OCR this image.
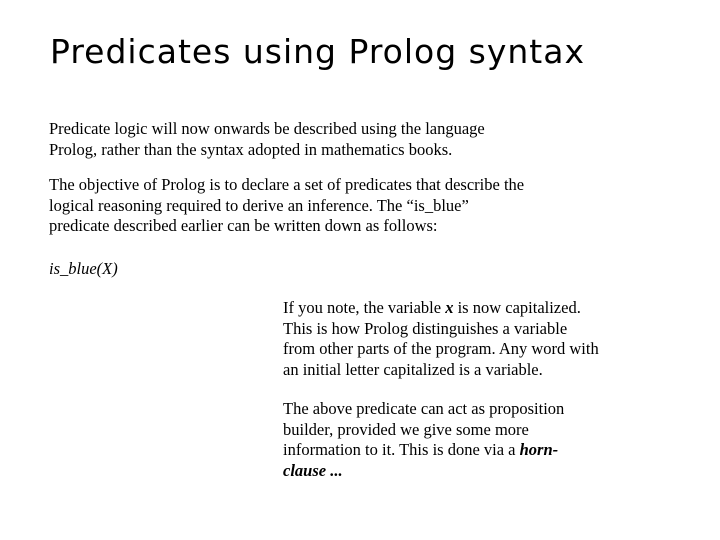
Predicates using Prolog syntax

Predicate logic will now onwards be described using the language
Prolog, rather than the syntax adopted in mathematics books.

The objective of Prolog is to declare a set of predicates that describe the
logical reasoning required to derive an inference. The “is_blue”
predicate described earlier can be written down as follows:

is_blue(X)

If you note, the variable x is now capitalized.
This is how Prolog distinguishes a variable
from other parts of the program. Any word with
an initial letter capitalized is a variable.

The above predicate can act as proposition
builder, provided we give some more
information to it. This is done via a horn-
clause ...
